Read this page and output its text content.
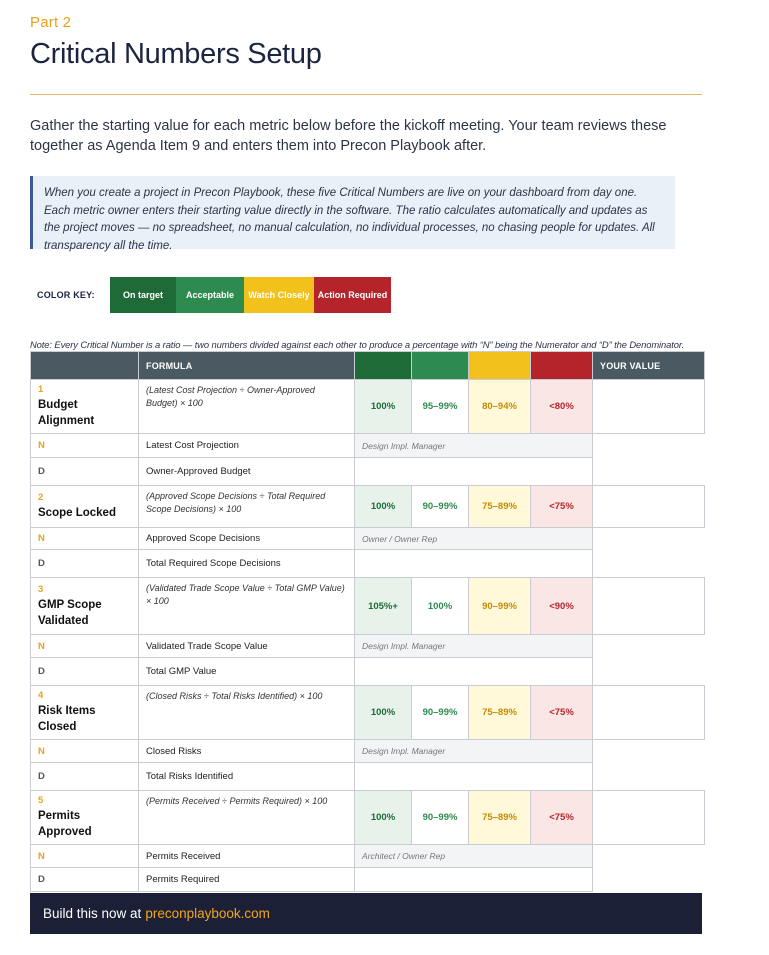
Part 2
Critical Numbers Setup

Gather the starting value for each metric below before the kickoff meeting. Your team reviews these together as Agenda Item 9 and enters them into Precon Playbook after.

When you create a project in Precon Playbook, these five Critical Numbers are live on your dashboard from day one. Each metric owner enters their starting value directly in the software. The ratio calculates automatically and updates as the project moves — no spreadsheet, no manual calculation, no individual processes, no chasing people for updates. All transparency all the time.

COLOR KEY:	On target	Acceptable	Watch Closely Action Required
Note: Every Critical Number is a ratio — two numbers divided against each other to produce a percentage with “N” being the Numerator and “D” the Denominator.
	FORMULA					YOUR VALUE

1
Budget Alignment	(Latest Cost Projection ÷ Owner-Approved Budget) × 100	100%	95–99%	80–94%	<80%	
N	Latest Cost Projection	Design Impl. Manager				
D	Owner-Approved Budget					

2
Scope Locked	(Approved Scope Decisions ÷ Total Required Scope Decisions) × 100	100%	90–99%	75–89%	<75%	
N	Approved Scope Decisions	Owner / Owner Rep				
D	Total Required Scope Decisions					

3
GMP Scope Validated	(Validated Trade Scope Value ÷ Total GMP Value) × 100	105%+	100%	90–99%	<90%	
N	Validated Trade Scope Value	Design Impl. Manager				
D	Total GMP Value					

4
Risk Items Closed	(Closed Risks ÷ Total Risks Identified) × 100	100%	90–99%	75–89%	<75%	
N	Closed Risks	Design Impl. Manager				
D	Total Risks Identified					

5
Permits Approved	(Permits Received ÷ Permits Required) × 100	100%	90–99%	75–89%	<75%	
N	Permits Received	Architect / Owner Rep				
D	Permits Required					
Build this now at preconplaybook.com
